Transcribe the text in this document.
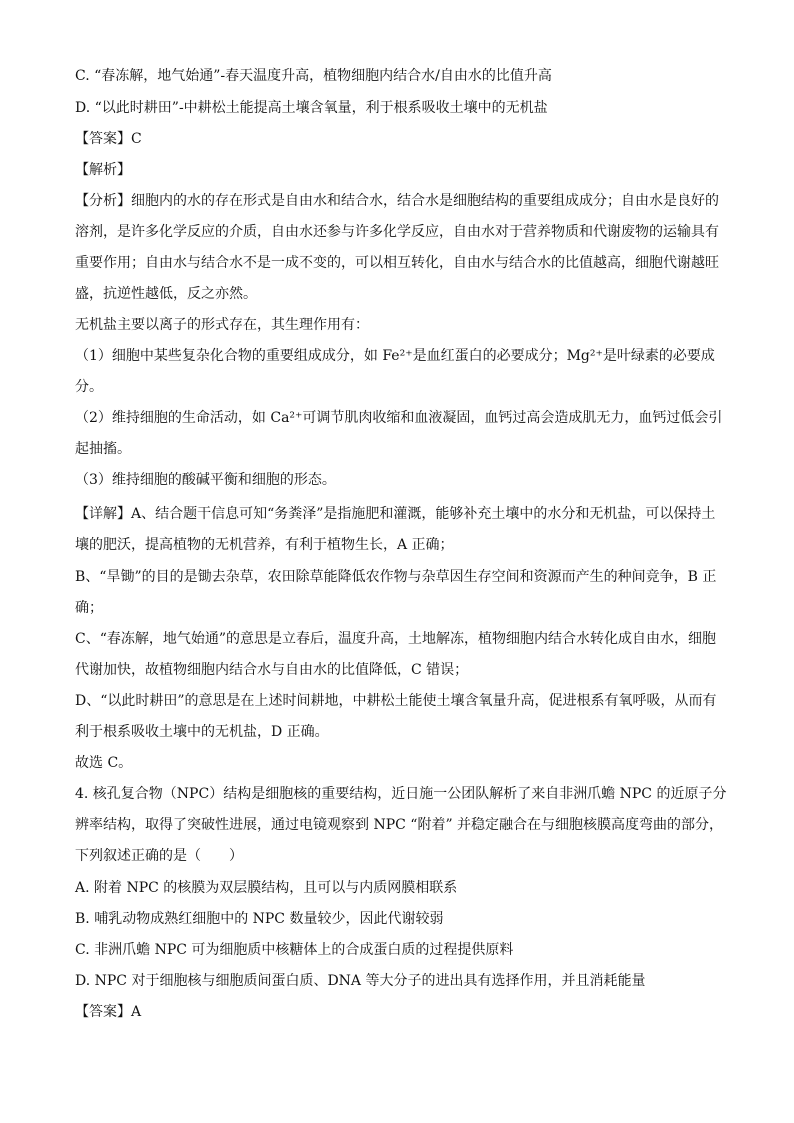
C. “春冻解，地气始通”-春天温度升高，植物细胞内结合水/自由水的比值升高
D. “以此时耕田”-中耕松土能提高土壤含氧量，利于根系吸收土壤中的无机盐
【答案】C
【解析】
【分析】细胞内的水的存在形式是自由水和结合水，结合水是细胞结构的重要组成成分；自由水是良好的
溶剂，是许多化学反应的介质，自由水还参与许多化学反应，自由水对于营养物质和代谢废物的运输具有
重要作用；自由水与结合水不是一成不变的，可以相互转化，自由水与结合水的比值越高，细胞代谢越旺
盛，抗逆性越低，反之亦然。
无机盐主要以离子的形式存在，其生理作用有：
（1）细胞中某些复杂化合物的重要组成成分，如 Fe²⁺是血红蛋白的必要成分；Mg²⁺是叶绿素的必要成
分。
（2）维持细胞的生命活动，如 Ca²⁺可调节肌肉收缩和血液凝固，血钙过高会造成肌无力，血钙过低会引
起抽搐。
（3）维持细胞的酸碱平衡和细胞的形态。
【详解】A、结合题干信息可知“务粪泽”是指施肥和灌溉，能够补充土壤中的水分和无机盐，可以保持土
壤的肥沃，提高植物的无机营养，有利于植物生长，A 正确；
B、“旱锄”的目的是锄去杂草，农田除草能降低农作物与杂草因生存空间和资源而产生的种间竞争，B 正
确；
C、“春冻解，地气始通”的意思是立春后，温度升高，土地解冻，植物细胞内结合水转化成自由水，细胞
代谢加快，故植物细胞内结合水与自由水的比值降低，C 错误；
D、“以此时耕田”的意思是在上述时间耕地，中耕松土能使土壤含氧量升高，促进根系有氧呼吸，从而有
利于根系吸收土壤中的无机盐，D 正确。
故选 C。
4. 核孔复合物（NPC）结构是细胞核的重要结构，近日施一公团队解析了来自非洲爪蟾 NPC 的近原子分
辨率结构，取得了突破性进展，通过电镜观察到 NPC “附着” 并稳定融合在与细胞核膜高度弯曲的部分，
下列叙述正确的是（　　）
A. 附着 NPC 的核膜为双层膜结构，且可以与内质网膜相联系
B. 哺乳动物成熟红细胞中的 NPC 数量较少，因此代谢较弱
C. 非洲爪蟾 NPC 可为细胞质中核糖体上的合成蛋白质的过程提供原料
D. NPC 对于细胞核与细胞质间蛋白质、DNA 等大分子的进出具有选择作用，并且消耗能量
【答案】A
